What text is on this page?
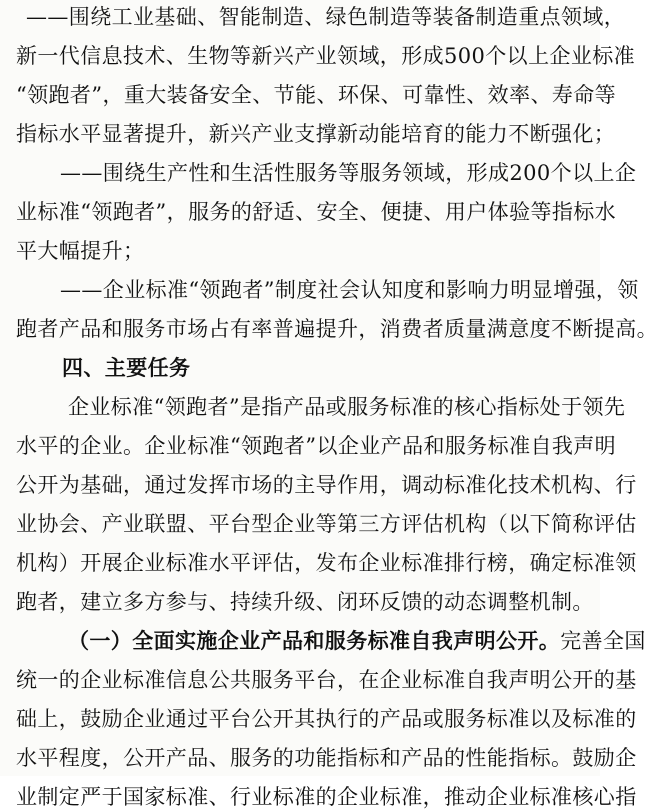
——围绕工业基础、智能制造、绿色制造等装备制造重点领域，
新一代信息技术、生物等新兴产业领域，形成500个以上企业标准
“领跑者”，重大装备安全、节能、环保、可靠性、效率、寿命等
指标水平显著提升，新兴产业支撑新动能培育的能力不断强化；
——围绕生产性和生活性服务等服务领域，形成200个以上企
业标准“领跑者”，服务的舒适、安全、便捷、用户体验等指标水
平大幅提升；
——企业标准“领跑者”制度社会认知度和影响力明显增强，领
跑者产品和服务市场占有率普遍提升，消费者质量满意度不断提高。
四、主要任务
企业标准“领跑者”是指产品或服务标准的核心指标处于领先
水平的企业。企业标准“领跑者”以企业产品和服务标准自我声明
公开为基础，通过发挥市场的主导作用，调动标准化技术机构、行
业协会、产业联盟、平台型企业等第三方评估机构（以下简称评估
机构）开展企业标准水平评估，发布企业标准排行榜，确定标准领
跑者，建立多方参与、持续升级、闭环反馈的动态调整机制。
（一）全面实施企业产品和服务标准自我声明公开。完善全国
统一的企业标准信息公共服务平台，在企业标准自我声明公开的基
础上，鼓励企业通过平台公开其执行的产品或服务标准以及标准的
水平程度，公开产品、服务的功能指标和产品的性能指标。鼓励企
业制定严于国家标准、行业标准的企业标准，推动企业标准核心指
